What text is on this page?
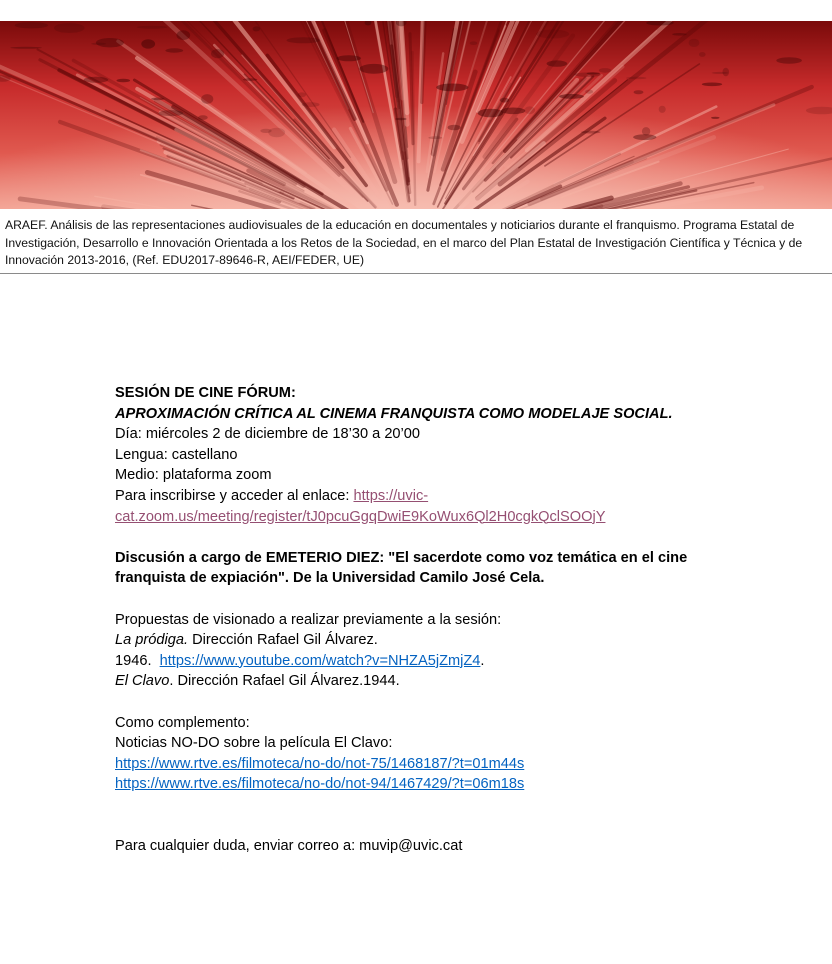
ARAEF. Análisis de las representaciones audiovisuales de la educación en documentales y noticiarios durante el franquismo. Programa Estatal de Investigación, Desarrollo e Innovación Orientada a los Retos de la Sociedad, en el marco del Plan Estatal de Investigación Científica y Técnica y de Innovación 2013-2016, (Ref. EDU2017-89646-R, AEI/FEDER, UE)
SESIÓN DE CINE FÓRUM:
APROXIMACIÓN CRÍTICA AL CINEMA FRANQUISTA COMO MODELAJE SOCIAL.
Día: miércoles 2 de diciembre de 18’30 a 20’00
Lengua: castellano
Medio: plataforma zoom
Para inscribirse y acceder al enlace: https://uvic-
cat.zoom.us/meeting/register/tJ0pcuGgqDwiE9KoWux6Ql2H0cgkQclSOOjY
Discusión a cargo de EMETERIO DIEZ: "El sacerdote como voz temática en el cine
franquista de expiación". De la Universidad Camilo José Cela.
Propuestas de visionado a realizar previamente a la sesión:
La pródiga. Dirección Rafael Gil Álvarez.
1946.  https://www.youtube.com/watch?v=NHZA5jZmjZ4.
El Clavo. Dirección Rafael Gil Álvarez.1944.
Como complemento:
Noticias NO-DO sobre la película El Clavo:
https://www.rtve.es/filmoteca/no-do/not-75/1468187/?t=01m44s
https://www.rtve.es/filmoteca/no-do/not-94/1467429/?t=06m18s
Para cualquier duda, enviar correo a: muvip@uvic.cat
